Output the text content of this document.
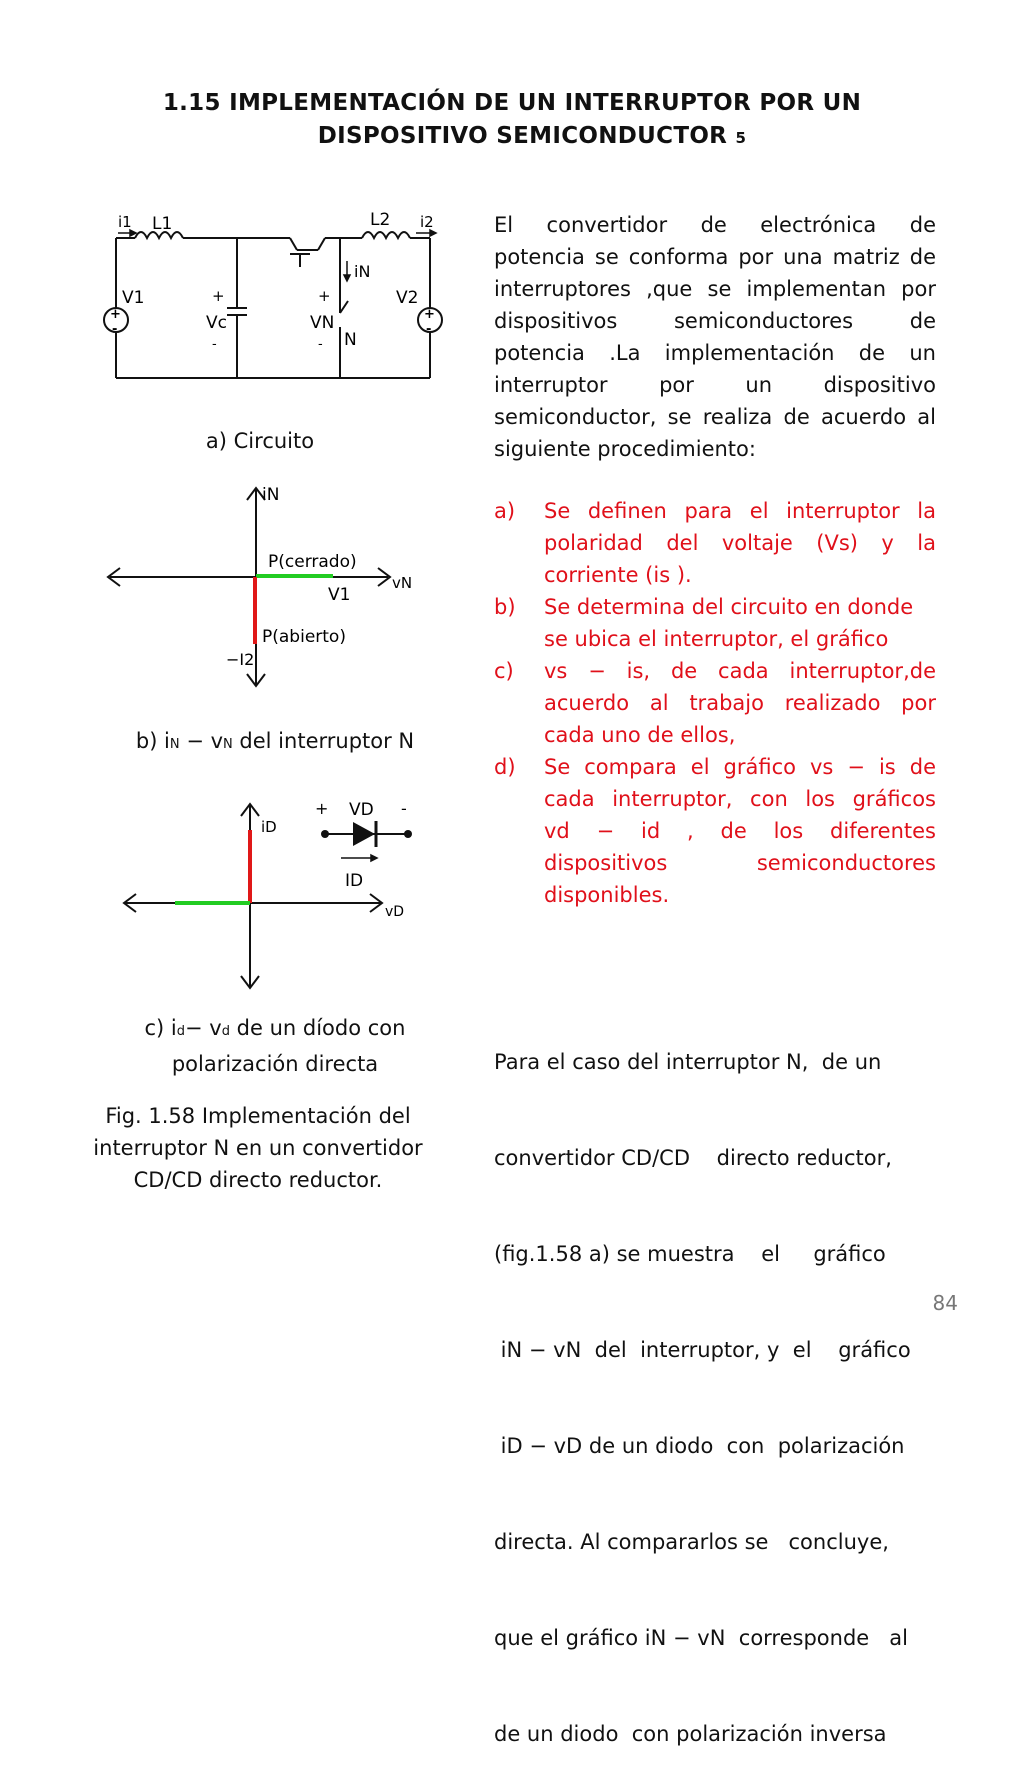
1.15 IMPLEMENTACIÓN DE UN INTERRUPTOR POR UN
DISPOSITIVO SEMICONDUCTOR 5
+
-
+
-
i1 L1	L2 i2
V1	+
Vc
-
+
VN
-
iN
N
V2
a) Circuito
iN
vN
P(cerrado)
V1
P(abierto)
−I2
b) iN − vN del interruptor N
iD
vD
+ VD -
ID
c) id− vd de un díodo con
polarización directa
Fig. 1.58 Implementación del
interruptor N en un convertidor
CD/CD directo reductor.
El convertidor de electrónica de
potencia se conforma por una matriz de
interruptores ,que se implementan por
dispositivos semiconductores de
potencia .La implementación de un
interruptor por un dispositivo
semiconductor, se realiza de acuerdo al
siguiente procedimiento:
a)	Se definen para el interruptor la
polaridad del voltaje (Vs) y la
corriente (is ).
b)	Se determina del circuito en donde
se ubica el interruptor, el gráfico
c)	vs − is, de cada interruptor,de
acuerdo al trabajo realizado por
cada uno de ellos,
d)	Se compara el gráfico vs − is de
cada interruptor, con los gráficos
vd − id , de los diferentes
dispositivos semiconductores
disponibles.

Para el caso del interruptor N,  de un

convertidor CD/CD    directo reductor,

(fig.1.58 a) se muestra    el     gráfico

iN − vN  del  interruptor, y  el    gráfico

iD − vD de un diodo  con  polarización

directa. Al compararlos se   concluye,

que el gráfico iN − vN  corresponde   al

de un diodo  con polarización inversa

84
